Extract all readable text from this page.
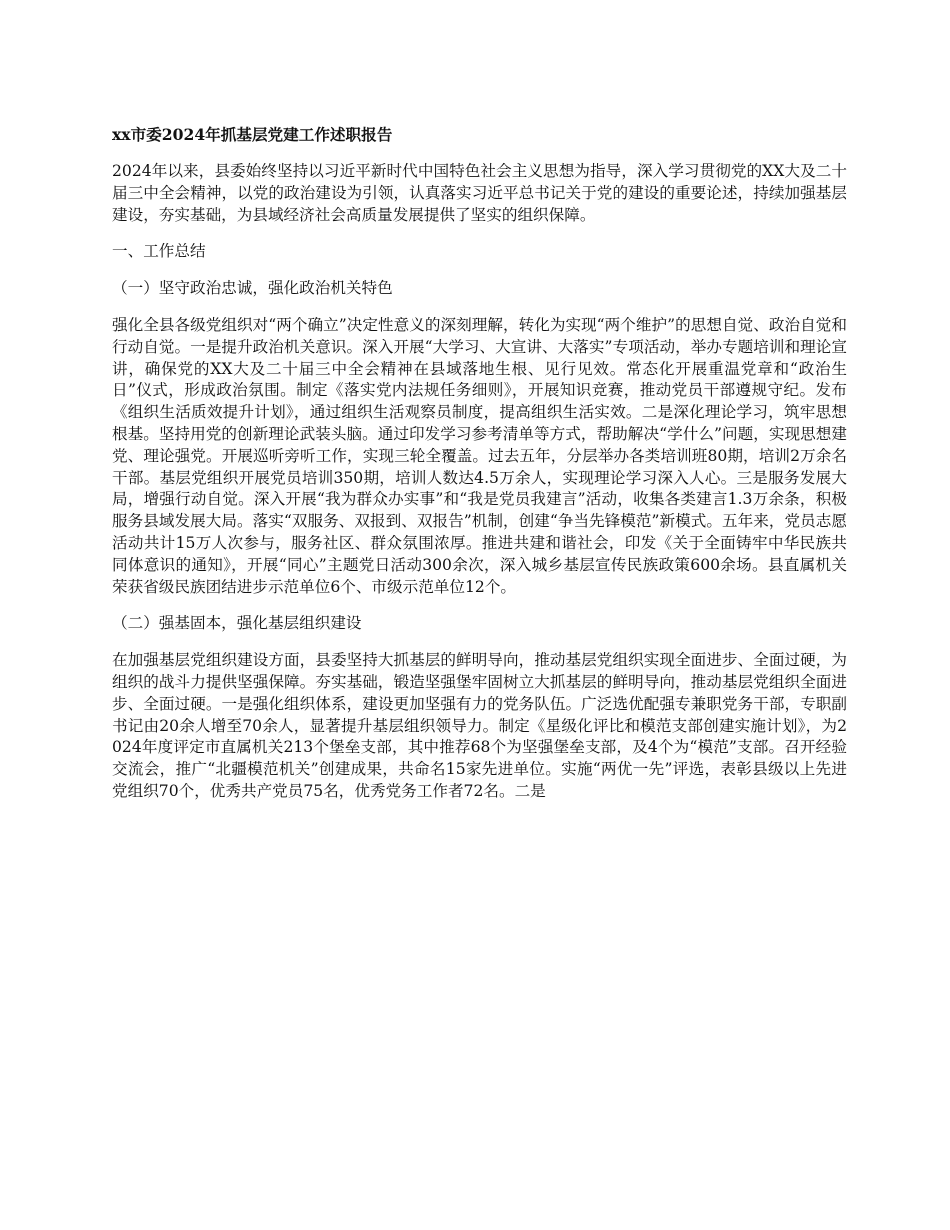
xx市委2024年抓基层党建工作述职报告

2024年以来，县委始终坚持以习近平新时代中国特色社会主义思想为指导，深入学习贯彻党的XX大及二十届三中全会精神，以党的政治建设为引领，认真落实习近平总书记关于党的建设的重要论述，持续加强基层建设，夯实基础，为县域经济社会高质量发展提供了坚实的组织保障。

一、工作总结

（一）坚守政治忠诚，强化政治机关特色

强化全县各级党组织对“两个确立”决定性意义的深刻理解，转化为实现“两个维护”的思想自觉、政治自觉和行动自觉。一是提升政治机关意识。深入开展“大学习、大宣讲、大落实”专项活动，举办专题培训和理论宣讲，确保党的XX大及二十届三中全会精神在县域落地生根、见行见效。常态化开展重温党章和“政治生日”仪式，形成政治氛围。制定《落实党内法规任务细则》，开展知识竞赛，推动党员干部遵规守纪。发布《组织生活质效提升计划》，通过组织生活观察员制度，提高组织生活实效。二是深化理论学习，筑牢思想根基。坚持用党的创新理论武装头脑。通过印发学习参考清单等方式，帮助解决“学什么”问题，实现思想建党、理论强党。开展巡听旁听工作，实现三轮全覆盖。过去五年，分层举办各类培训班80期，培训2万余名干部。基层党组织开展党员培训350期，培训人数达4.5万余人，实现理论学习深入人心。三是服务发展大局，增强行动自觉。深入开展“我为群众办实事”和“我是党员我建言”活动，收集各类建言1.3万余条，积极服务县域发展大局。落实“双服务、双报到、双报告”机制，创建“争当先锋模范”新模式。五年来，党员志愿活动共计15万人次参与，服务社区、群众氛围浓厚。推进共建和谐社会，印发《关于全面铸牢中华民族共同体意识的通知》，开展“同心”主题党日活动300余次，深入城乡基层宣传民族政策600余场。县直属机关荣获省级民族团结进步示范单位6个、市级示范单位12个。

（二）强基固本，强化基层组织建设

在加强基层党组织建设方面，县委坚持大抓基层的鲜明导向，推动基层党组织实现全面进步、全面过硬，为组织的战斗力提供坚强保障。夯实基础，锻造坚强堡牢固树立大抓基层的鲜明导向，推动基层党组织全面进步、全面过硬。一是强化组织体系，建设更加坚强有力的党务队伍。广泛选优配强专兼职党务干部，专职副书记由20余人增至70余人，显著提升基层组织领导力。制定《星级化评比和模范支部创建实施计划》，为2024年度评定市直属机关213个堡垒支部，其中推荐68个为坚强堡垒支部，及4个为“模范”支部。召开经验交流会，推广“北疆模范机关”创建成果，共命名15家先进单位。实施“两优一先”评选，表彰县级以上先进党组织70个，优秀共产党员75名，优秀党务工作者72名。二是
